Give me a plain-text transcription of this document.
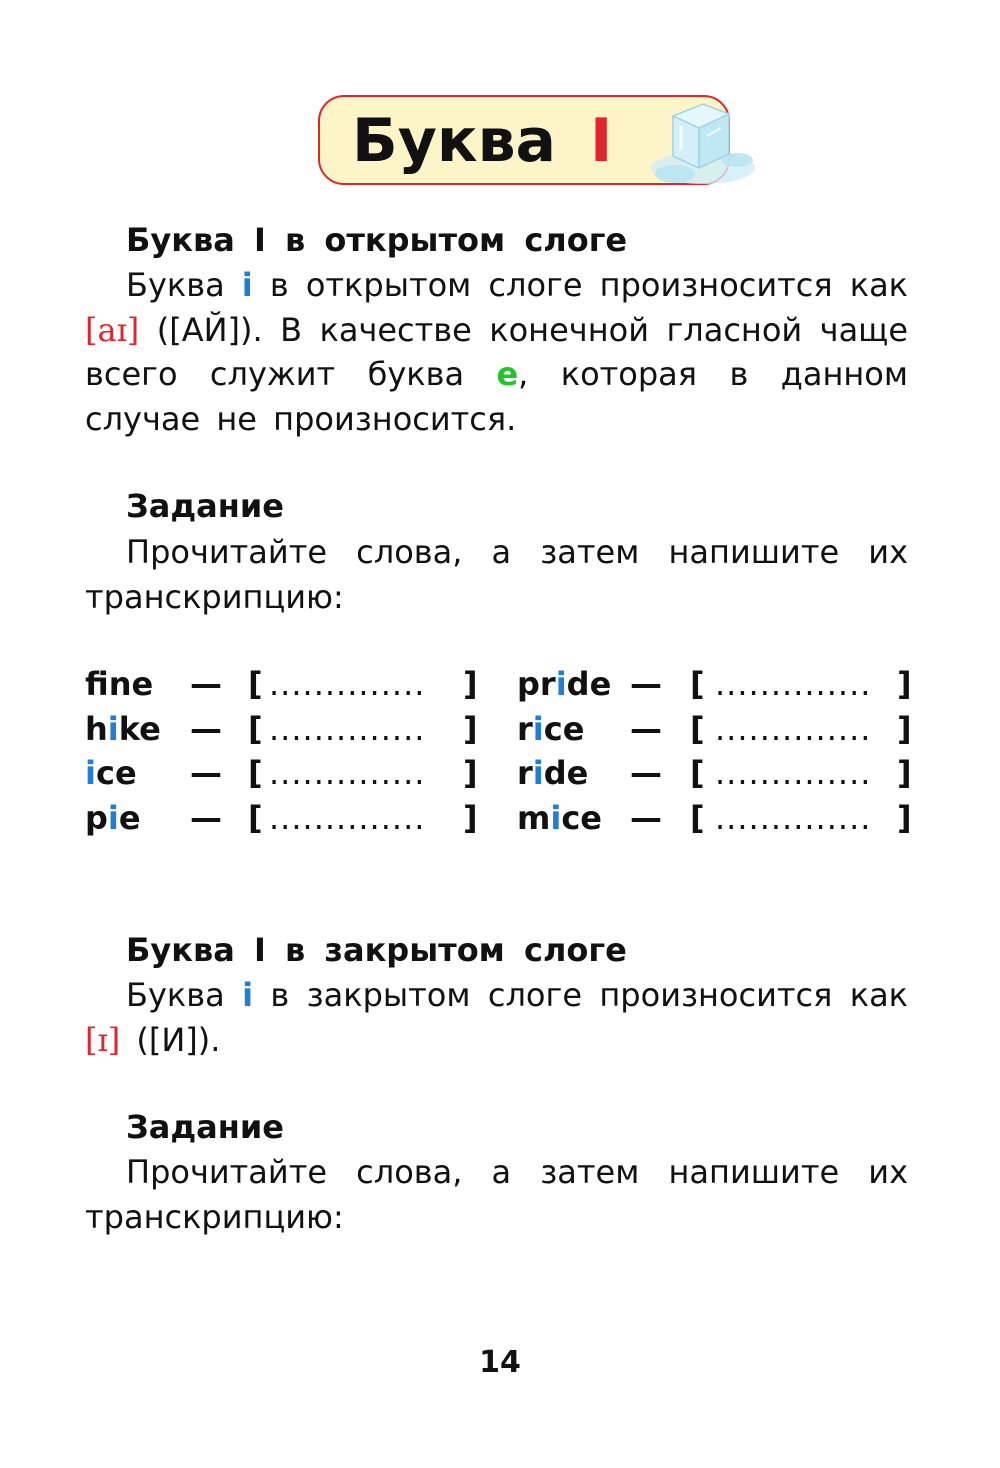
Буква I
Буква I в открытом слоге

Буква i в открытом слоге произносится как [aɪ] ([АЙ]). В качестве конечной гласной чаще всего служит буква e, которая в данном случае не произносится.

Задание

Прочитайте слова, а затем напишите их транскрипцию:

fne — [ .............. ] pride — [ .............. ]
hike — [ .............. ] rice — [ .............. ]
ice — [ .............. ] ride — [ .............. ]
pie — [ .............. ] mice — [ .............. ]
Буква I в закрытом слоге

Буква i в закрытом слоге произносится как [ɪ] ([И]).

Задание

Прочитайте слова, а затем напишите их транскрипцию:

14
